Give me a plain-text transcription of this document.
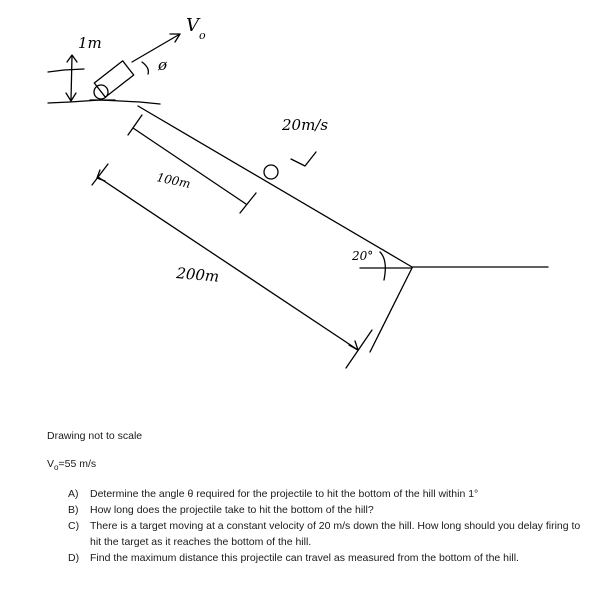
1m
V o
ø
20°
20m/s
100m
200m
Drawing not to scale
$V_o=55$ m/s
A) Determine the angle θ required for the projectile to hit the bottom of the hill within 1°
B) How long does the projectile take to hit the bottom of the hill?
C) There is a target moving at a constant velocity of 20 m/s down the hill. How long should you delay firing to hit the target as it reaches the bottom of the hill.
D) Find the maximum distance this projectile can travel as measured from the bottom of the hill.
